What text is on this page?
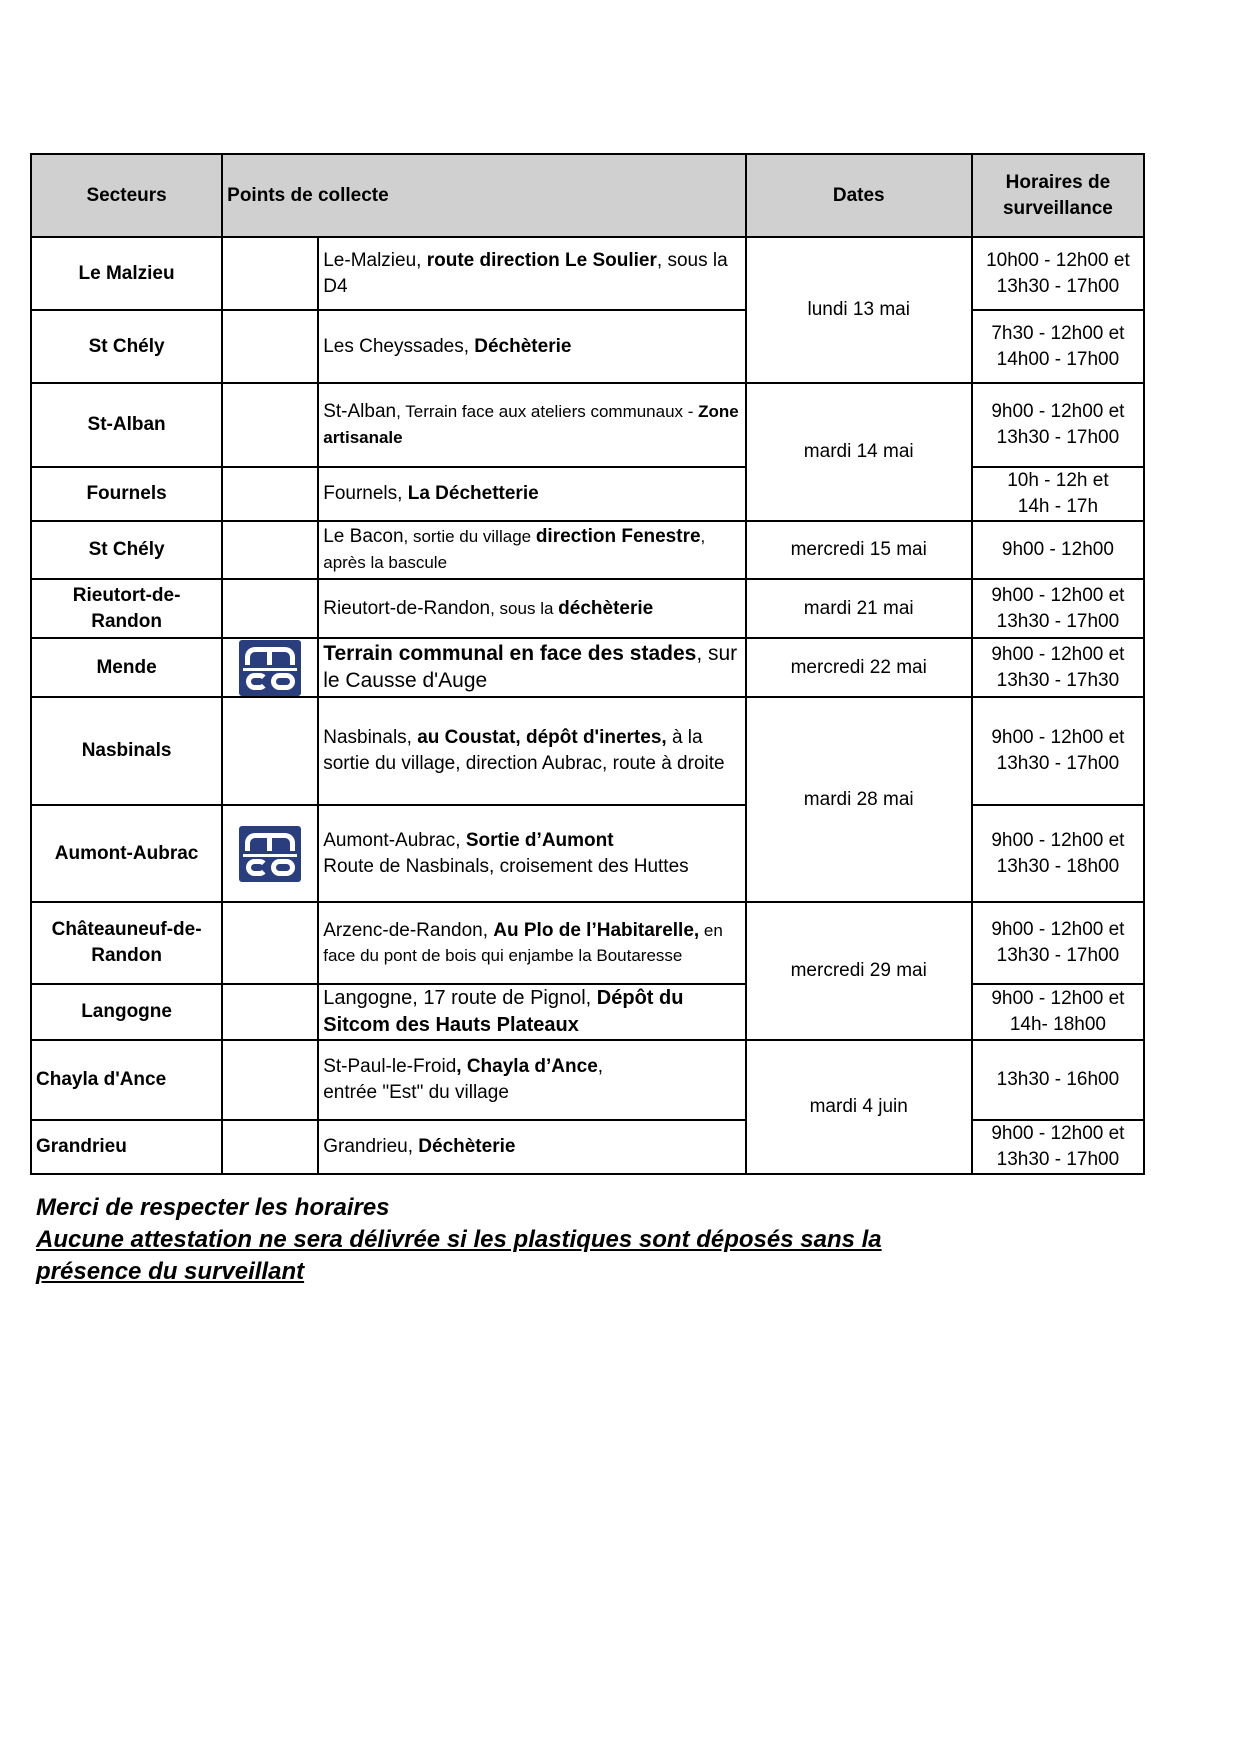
Secteurs	Points de collecte		Dates	Horaires de
surveillance
Le Malzieu		Le-Malzieu, route direction Le Soulier, sous la D4	lundi 13 mai	10h00 - 12h00 et
13h30 - 17h00
St Chély		Les Cheyssades, Déchèterie		7h30 - 12h00 et
14h00 - 17h00
St-Alban		St-Alban, Terrain face aux ateliers communaux - Zone artisanale	mardi 14 mai	9h00 - 12h00 et
13h30 - 17h00
Fournels		Fournels, La Déchetterie		10h - 12h et
14h - 17h
St Chély		Le Bacon, sortie du village direction Fenestre, après la bascule	mercredi 15 mai	9h00 - 12h00
Rieutort-de-
Randon		Rieutort-de-Randon, sous la déchèterie	mardi 21 mai	9h00 - 12h00 et
13h30 - 17h00
Mende		Terrain communal en face des stades, sur le Causse d'Auge	mercredi 22 mai	9h00 - 12h00 et
13h30 - 17h30
Nasbinals		Nasbinals, au Coustat, dépôt d'inertes, à la sortie du village, direction Aubrac, route à droite	mardi 28 mai	9h00 - 12h00 et
13h30 - 17h00
Aumont-Aubrac		Aumont-Aubrac, Sortie d’Aumont
Route de Nasbinals, croisement des Huttes		9h00 - 12h00 et
13h30 - 18h00
Châteauneuf-de-
Randon		Arzenc-de-Randon, Au Plo de l’Habitarelle, en face du pont de bois qui enjambe la Boutaresse	mercredi 29 mai	9h00 - 12h00 et
13h30 - 17h00
Langogne		Langogne, 17 route de Pignol, Dépôt du Sitcom des Hauts Plateaux		9h00 - 12h00 et
14h- 18h00
Chayla d'Ance		St-Paul-le-Froid, Chayla d’Ance,
entrée "Est" du village	mardi 4 juin	13h30 - 16h00
Grandrieu		Grandrieu, Déchèterie		9h00 - 12h00 et
13h30 - 17h00
Merci de respecter les horaires
Aucune attestation ne sera délivrée si les plastiques sont déposés sans la
présence du surveillant
